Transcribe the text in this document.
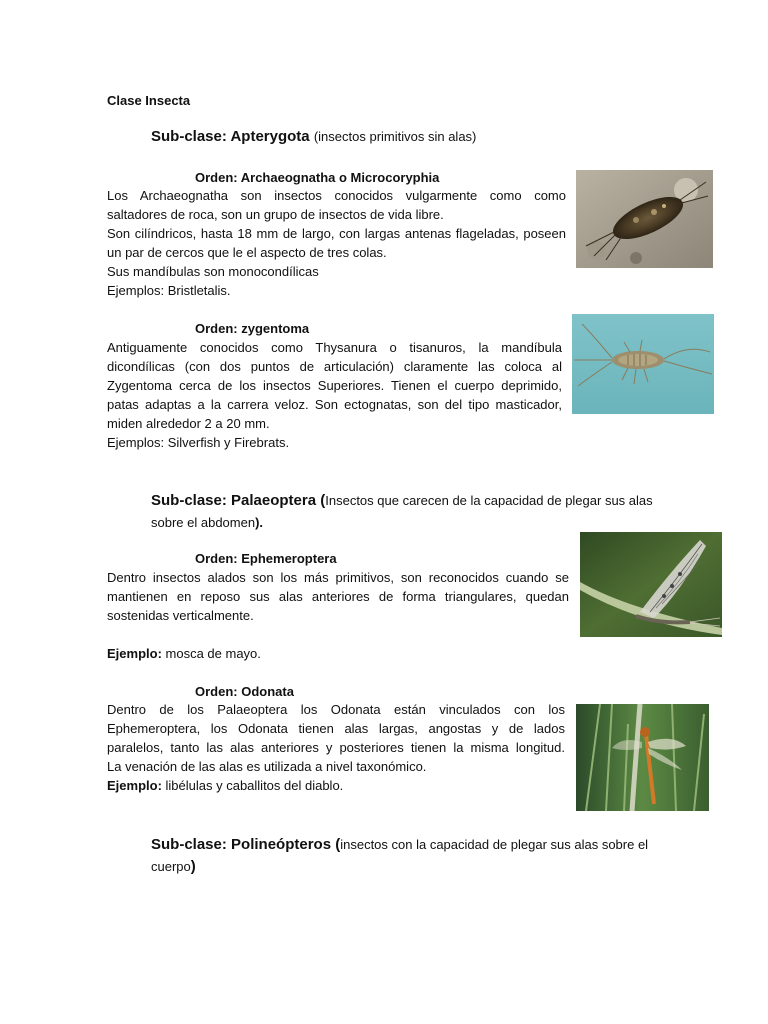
Clase Insecta
Sub-clase: Apterygota (insectos primitivos sin alas)
Orden: Archaeognatha o Microcoryphia
Los Archaeognatha son insectos conocidos vulgarmente como como
saltadores de roca, son un grupo de insectos de vida libre.
Son cilíndricos, hasta 18 mm de largo, con largas antenas flageladas, poseen
un par de cercos que le el aspecto de tres colas.
Sus mandíbulas son monocondílicas
Ejemplos: Bristletalis.
Orden: zygentoma
Antiguamente conocidos como Thysanura o tisanuros, la mandíbula
dicondílicas (con dos puntos de articulación) claramente las coloca al
Zygentoma cerca de los insectos Superiores. Tienen el cuerpo deprimido,
patas adaptas a la carrera veloz. Son ectognatas, son del tipo masticador,
miden alrededor 2 a 20 mm.
Ejemplos: Silverfish y Firebrats.
Sub-clase: Palaeoptera (Insectos que carecen de la capacidad de plegar sus alas
sobre el abdomen).
Orden: Ephemeroptera
Dentro insectos alados son los más primitivos, son reconocidos cuando se
mantienen en reposo sus alas anteriores de forma triangulares, quedan
sostenidas verticalmente.
Ejemplo: mosca de mayo.
Orden: Odonata
Dentro de los Palaeoptera los Odonata están vinculados con los
Ephemeroptera, los Odonata tienen alas largas, angostas y de lados
paralelos, tanto las alas anteriores y posteriores tienen la misma longitud.
La venación de las alas es utilizada a nivel taxonómico.
Ejemplo: libélulas y caballitos del diablo.
Sub-clase: Polineópteros (insectos con la capacidad de plegar sus alas sobre el
cuerpo)
